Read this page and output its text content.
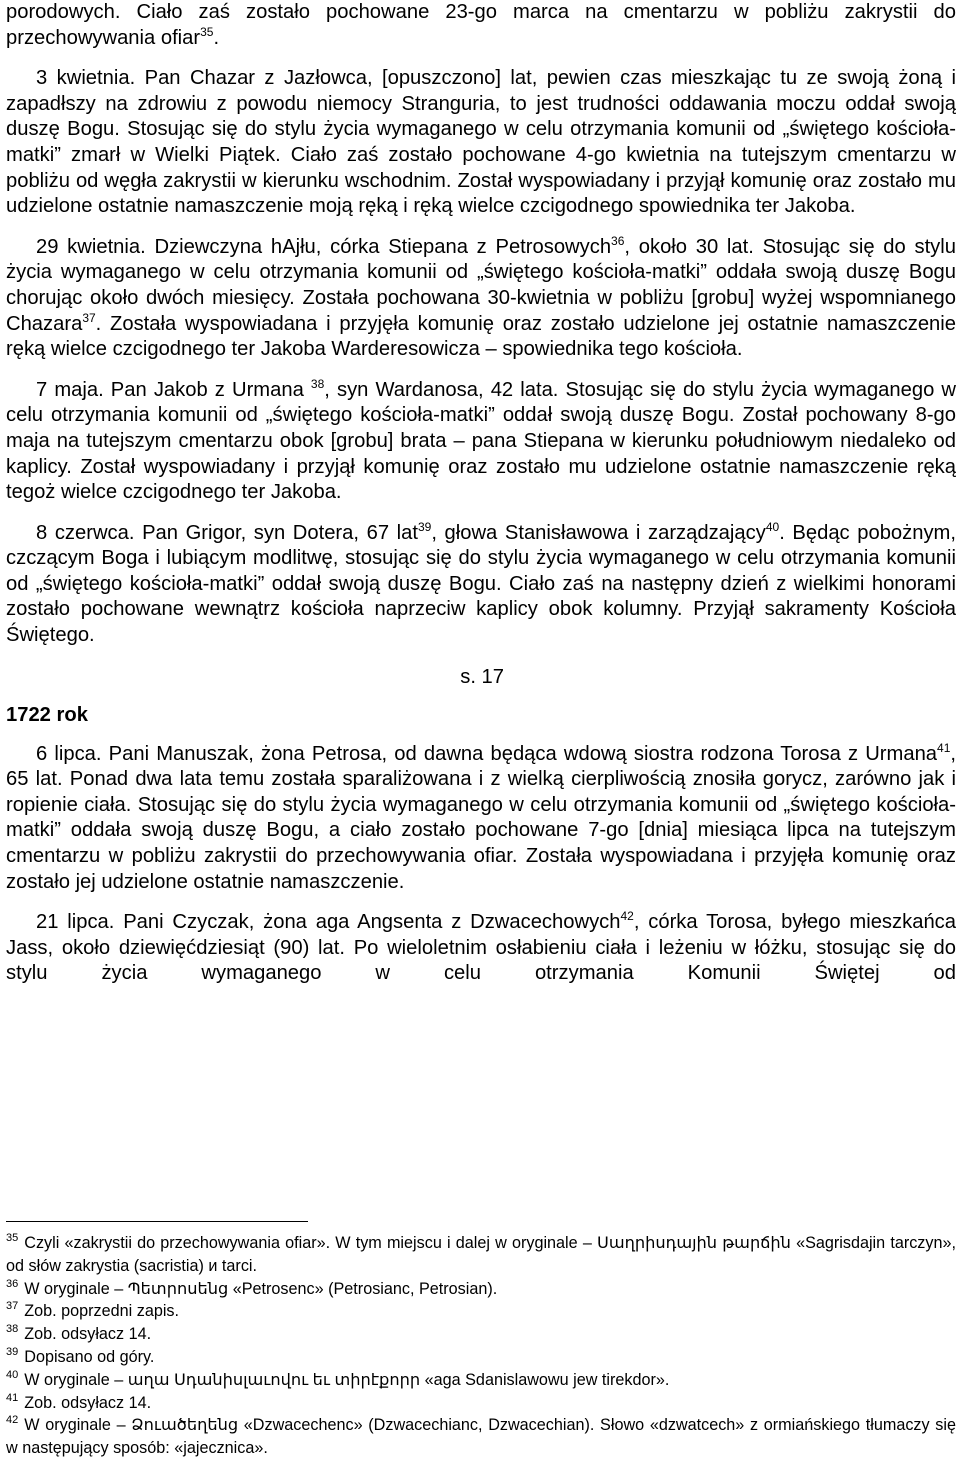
porodowych. Ciało zaś zostało pochowane 23-go marca na cmentarzu w pobliżu zakrystii do przechowywania ofiar$^{35}$.

3 kwietnia. Pan Chazar z Jazłowca, [opuszczono] lat, pewien czas mieszkając tu ze swoją żoną i zapadłszy na zdrowiu z powodu niemocy Stranguria, to jest trudności oddawania moczu oddał swoją duszę Bogu. Stosując się do stylu życia wymaganego w celu otrzymania komunii od „świętego kościoła-matki” zmarł w Wielki Piątek. Ciało zaś zostało pochowane 4-go kwietnia na tutejszym cmentarzu w pobliżu od węgła zakrystii w kierunku wschodnim. Został wyspowiadany i przyjął komunię oraz zostało mu udzielone ostatnie namaszczenie moją ręką i ręką wielce czcigodnego spowiednika ter Jakoba.

29 kwietnia. Dziewczyna hAjłu, córka Stiepana z Petrosowych$^{36}$, około 30 lat. Stosując się do stylu życia wymaganego w celu otrzymania komunii od „świętego kościoła-matki” oddała swoją duszę Bogu chorując około dwóch miesięcy. Została pochowana 30-kwietnia w pobliżu [grobu] wyżej wspomnianego Chazara$^{37}$. Została wyspowiadana i przyjęła komunię oraz zostało udzielone jej ostatnie namaszczenie ręką wielce czcigodnego ter Jakoba Warderesowicza – spowiednika tego kościoła.

7 maja. Pan Jakob z Urmana $^{38}$, syn Wardanosa, 42 lata. Stosując się do stylu życia wymaganego w celu otrzymania komunii od „świętego kościoła-matki” oddał swoją duszę Bogu. Został pochowany 8-go maja na tutejszym cmentarzu obok [grobu] brata – pana Stiepana w kierunku południowym niedaleko od kaplicy. Został wyspowiadany i przyjął komunię oraz zostało mu udzielone ostatnie namaszczenie ręką tegoż wielce czcigodnego ter Jakoba.

8 czerwca. Pan Grigor, syn Dotera, 67 lat$^{39}$, głowa Stanisławowa i zarządzający$^{40}$. Będąc pobożnym, czczącym Boga i lubiącym modlitwę, stosując się do stylu życia wymaganego w celu otrzymania komunii od „świętego kościoła-matki” oddał swoją duszę Bogu. Ciało zaś na następny dzień z wielkimi honorami zostało pochowane wewnątrz kościoła naprzeciw kaplicy obok kolumny. Przyjął sakramenty Kościoła Świętego.

s. 17
1722 rok

6 lipca. Pani Manuszak, żona Petrosa, od dawna będąca wdową siostra rodzona Torosa z Urmana$^{41}$, 65 lat. Ponad dwa lata temu została sparaliżowana i z wielką cierpliwością znosiła gorycz, zarówno jak i ropienie ciała. Stosując się do stylu życia wymaganego w celu otrzymania komunii od „świętego kościoła-matki” oddała swoją duszę Bogu, a ciało zostało pochowane 7-go [dnia] miesiąca lipca na tutejszym cmentarzu w pobliżu zakrystii do przechowywania ofiar. Została wyspowiadana i przyjęła komunię oraz zostało jej udzielone ostatnie namaszczenie.

21 lipca. Pani Czyczak, żona aga Angsenta z Dzwacechowych$^{42}$, córka Torosa, byłego mieszkańca Jass, około dziewięćdziesiąt (90) lat. Po wieloletnim osłabieniu ciała i leżeniu w łóżku, stosując się do stylu życia wymaganego w celu otrzymania Komunii Świętej od

$^{35}$ Czyli «zakrystii do przechowywania ofiar». W tym miejscu i dalej w oryginale – Սաղրիսդային թարճին «Sagrisdajin tarczyn», od słów zakrystia (sacristia) и tarci.

$^{36}$ W oryginale – Պետրոսենց «Petrosenc» (Petrosianc, Petrosian).

$^{37}$ Zob. poprzedni zapis.

$^{38}$ Zob. odsyłacz 14.

$^{39}$ Dopisano od góry.

$^{40}$ W oryginale – աղա Սդանիսլաւովու եւ տիրէքորր «aga Sdanislawowu jew tirekdor».

$^{41}$ Zob. odsyłacz 14.

$^{42}$ W oryginale – Ձուածեղենց «Dzwacechenc» (Dzwacechianc, Dzwacechian). Słowo «dzwatcech» z ormiańskiego tłumaczy się w następujący sposób: «jajecznica».
